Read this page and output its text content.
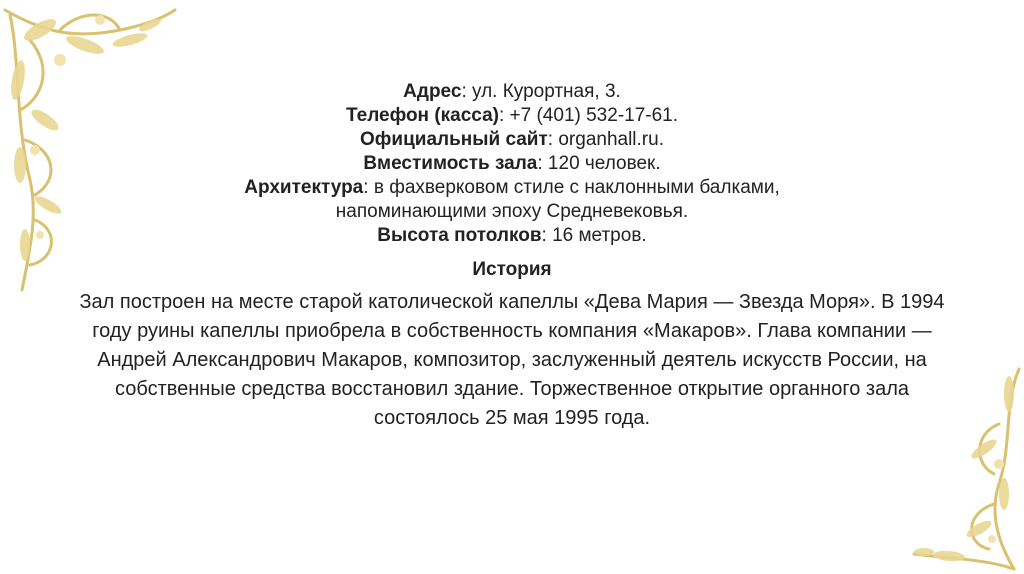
Адрес: ул. Курортная, 3.

Телефон (касса): +7 (401) 532-17-61.

Официальный сайт: organhall.ru.

Вместимость зала: 120 человек.

Архитектура: в фахверковом стиле с наклонными балками,

напоминающими эпоху Средневековья.

Высота потолков: 16 метров.

История
Зал построен на месте старой католической капеллы «Дева Мария — Звезда Моря». В 1994 году руины капеллы приобрела в собственность компания «Макаров». Глава компании — Андрей Александрович Макаров, композитор, заслуженный деятель искусств России, на собственные средства восстановил здание. Торжественное открытие органного зала состоялось 25 мая 1995 года.
